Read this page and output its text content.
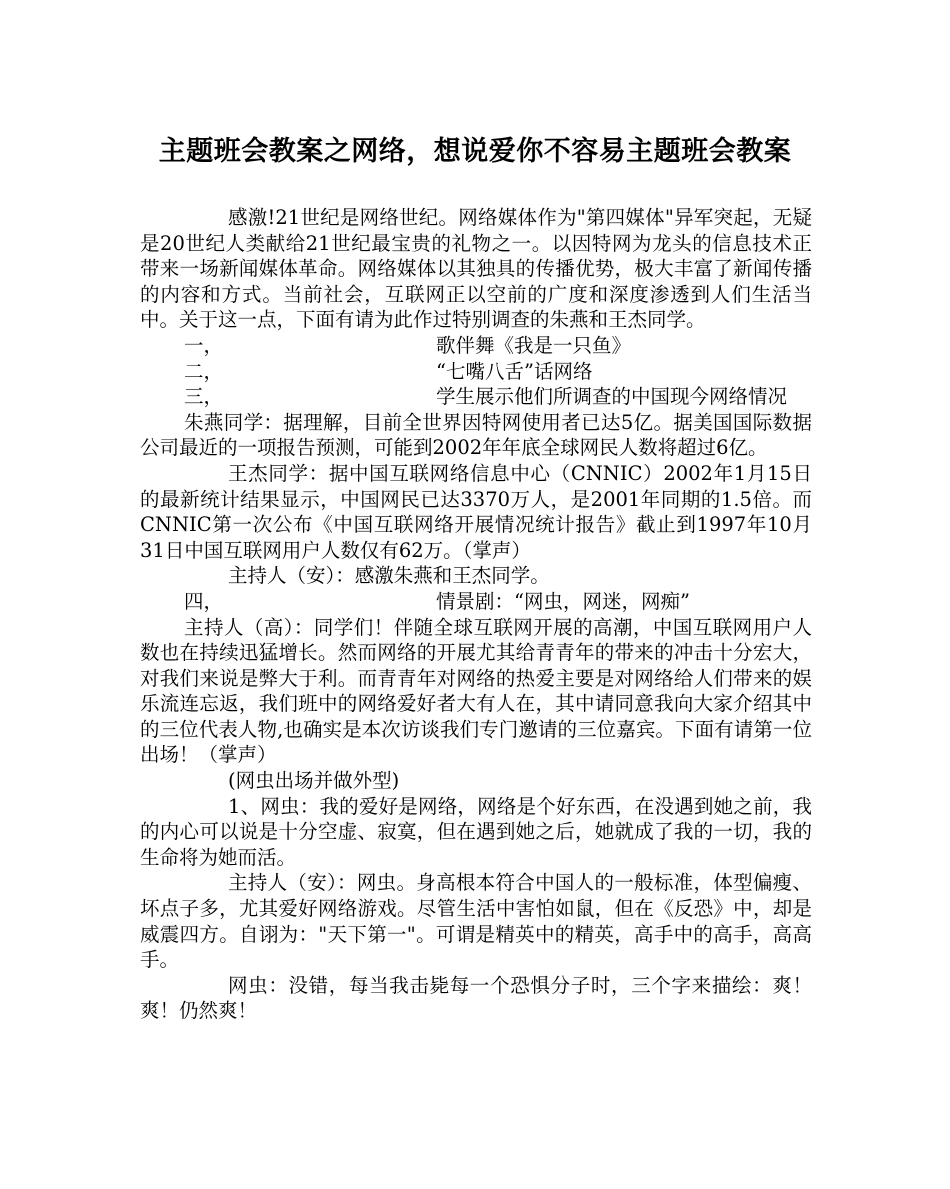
主题班会教案之网络，想说爱你不容易主题班会教案

感激!21世纪是网络世纪。网络媒体作为"第四媒体"异军突起，无疑是20世纪人类献给21世纪最宝贵的礼物之一。以因特网为龙头的信息技术正带来一场新闻媒体革命。网络媒体以其独具的传播优势，极大丰富了新闻传播的内容和方式。当前社会，互联网正以空前的广度和深度渗透到人们生活当中。关于这一点，下面有请为此作过特别调查的朱燕和王杰同学。

一，	歌伴舞《我是一只鱼》
二，	“七嘴八舌”话网络
三，	学生展示他们所调查的中国现今网络情况

朱燕同学：据理解，目前全世界因特网使用者已达5亿。据美国国际数据公司最近的一项报告预测，可能到2002年年底全球网民人数将超过6亿。

王杰同学：据中国互联网络信息中心（CNNIC）2002年1月15日的最新统计结果显示，中国网民已达3370万人，是2001年同期的1.5倍。而CNNIC第一次公布《中国互联网络开展情况统计报告》截止到1997年10月31日中国互联网用户人数仅有62万。（掌声）

主持人（安）：感激朱燕和王杰同学。

四，	情景剧：“网虫，网迷，网痴”

主持人（高）：同学们！伴随全球互联网开展的高潮，中国互联网用户人数也在持续迅猛增长。然而网络的开展尤其给青青年的带来的冲击十分宏大，对我们来说是弊大于利。而青青年对网络的热爱主要是对网络给人们带来的娱乐流连忘返，我们班中的网络爱好者大有人在，其中请同意我向大家介绍其中的三位代表人物,也确实是本次访谈我们专门邀请的三位嘉宾。下面有请第一位出场！（掌声）

(网虫出场并做外型)

1、网虫：我的爱好是网络，网络是个好东西，在没遇到她之前，我的内心可以说是十分空虚、寂寞，但在遇到她之后，她就成了我的一切，我的生命将为她而活。

主持人（安）：网虫。身高根本符合中国人的一般标准，体型偏瘦、坏点子多，尤其爱好网络游戏。尽管生活中害怕如鼠，但在《反恐》中，却是威震四方。自诩为："天下第一"。可谓是精英中的精英，高手中的高手，高高手。

网虫：没错，每当我击毙每一个恐惧分子时，三个字来描绘：爽！爽！仍然爽！
